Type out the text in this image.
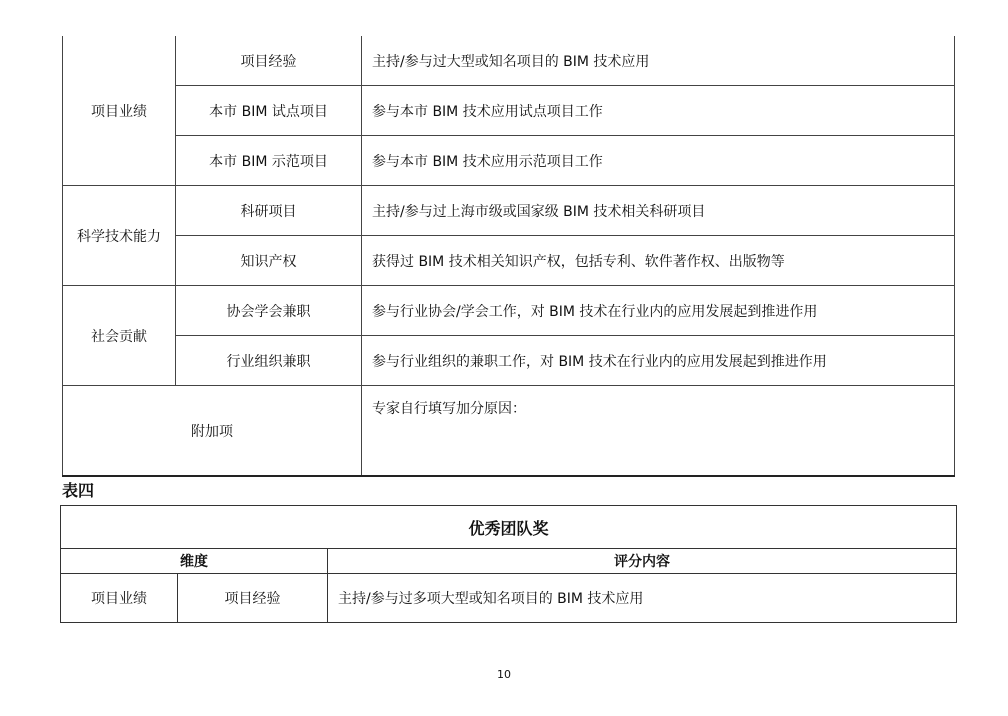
项目业绩	项目经验	主持/参与过大型或知名项目的 BIM 技术应用
	本市 BIM 试点项目	参与本市 BIM 技术应用试点项目工作
	本市 BIM 示范项目	参与本市 BIM 技术应用示范项目工作
科学技术能力	科研项目	主持/参与过上海市级或国家级 BIM 技术相关科研项目
	知识产权	获得过 BIM 技术相关知识产权，包括专利、软件著作权、出版物等
社会贡献	协会学会兼职	参与行业协会/学会工作，对 BIM 技术在行业内的应用发展起到推进作用
	行业组织兼职	参与行业组织的兼职工作，对 BIM 技术在行业内的应用发展起到推进作用
附加项		专家自行填写加分原因：

表四

优秀团队奖		
维度		评分内容
项目业绩	项目经验	主持/参与过多项大型或知名项目的 BIM 技术应用
10
